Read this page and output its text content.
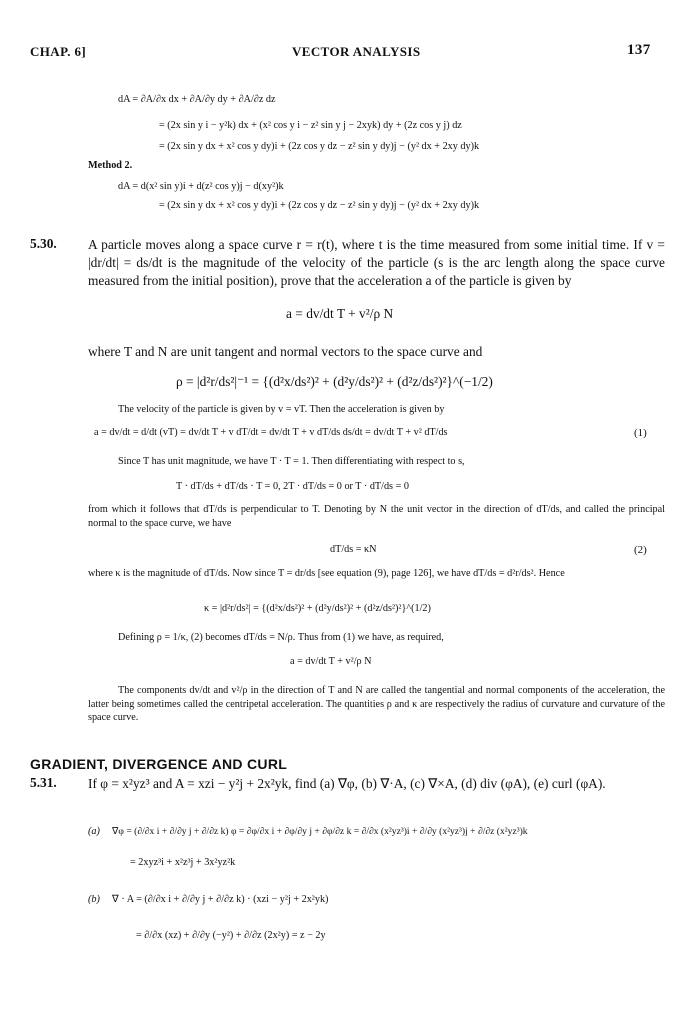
CHAP. 6]	VECTOR ANALYSIS	137
dA = ∂A/∂x dx + ∂A/∂y dy + ∂A/∂z dz
= (2x sin y i − y²k) dx + (x² cos y i − z² sin y j − 2xyk) dy + (2z cos y j) dz
= (2x sin y dx + x² cos y dy)i + (2z cos y dz − z² sin y dy)j − (y² dx + 2xy dy)k
Method 2.
dA = d(x² sin y)i + d(z² cos y)j − d(xy²)k
= (2x sin y dx + x² cos y dy)i + (2z cos y dz − z² sin y dy)j − (y² dx + 2xy dy)k
5.30. A particle moves along a space curve r = r(t), where t is the time measured from some initial time. If v = |dr/dt| = ds/dt is the magnitude of the velocity of the particle (s is the arc length along the space curve measured from the initial position), prove that the acceleration a of the particle is given by
a = dv/dt T + v²/ρ N
where T and N are unit tangent and normal vectors to the space curve and
ρ = |d²r/ds²|⁻¹ = {(d²x/ds²)² + (d²y/ds²)² + (d²z/ds²)²}^(−1/2)
The velocity of the particle is given by v = vT. Then the acceleration is given by
a = dv/dt = d/dt (vT) = dv/dt T + v dT/dt = dv/dt T + v dT/ds ds/dt = dv/dt T + v² dT/ds	(1)
Since T has unit magnitude, we have T · T = 1. Then differentiating with respect to s,
T · dT/ds + dT/ds · T = 0, 2T · dT/ds = 0 or T · dT/ds = 0
from which it follows that dT/ds is perpendicular to T. Denoting by N the unit vector in the direction of dT/ds, and called the principal normal to the space curve, we have
dT/ds = κN	(2)
where κ is the magnitude of dT/ds. Now since T = dr/ds [see equation (9), page 126], we have dT/ds = d²r/ds². Hence
κ = |d²r/ds²| = {(d²x/ds²)² + (d²y/ds²)² + (d²z/ds²)²}^(1/2)
Defining ρ = 1/κ, (2) becomes dT/ds = N/ρ. Thus from (1) we have, as required,
a = dv/dt T + v²/ρ N
The components dv/dt and v²/ρ in the direction of T and N are called the tangential and normal components of the acceleration, the latter being sometimes called the centripetal acceleration. The quantities ρ and κ are respectively the radius of curvature and curvature of the space curve.
GRADIENT, DIVERGENCE AND CURL
5.31. If φ = x²yz³ and A = xzi − y²j + 2x²yk, find (a) ∇φ, (b) ∇·A, (c) ∇×A, (d) div (φA), (e) curl (φA).
(a) ∇φ = (∂/∂x i + ∂/∂y j + ∂/∂z k) φ = ∂φ/∂x i + ∂φ/∂y j + ∂φ/∂z k = ∂/∂x (x²yz³)i + ∂/∂y (x²yz³)j + ∂/∂z (x²yz³)k
= 2xyz³i + x²z³j + 3x²yz²k
(b) ∇ · A = (∂/∂x i + ∂/∂y j + ∂/∂z k) · (xzi − y²j + 2x²yk)
= ∂/∂x (xz) + ∂/∂y (−y²) + ∂/∂z (2x²y) = z − 2y
